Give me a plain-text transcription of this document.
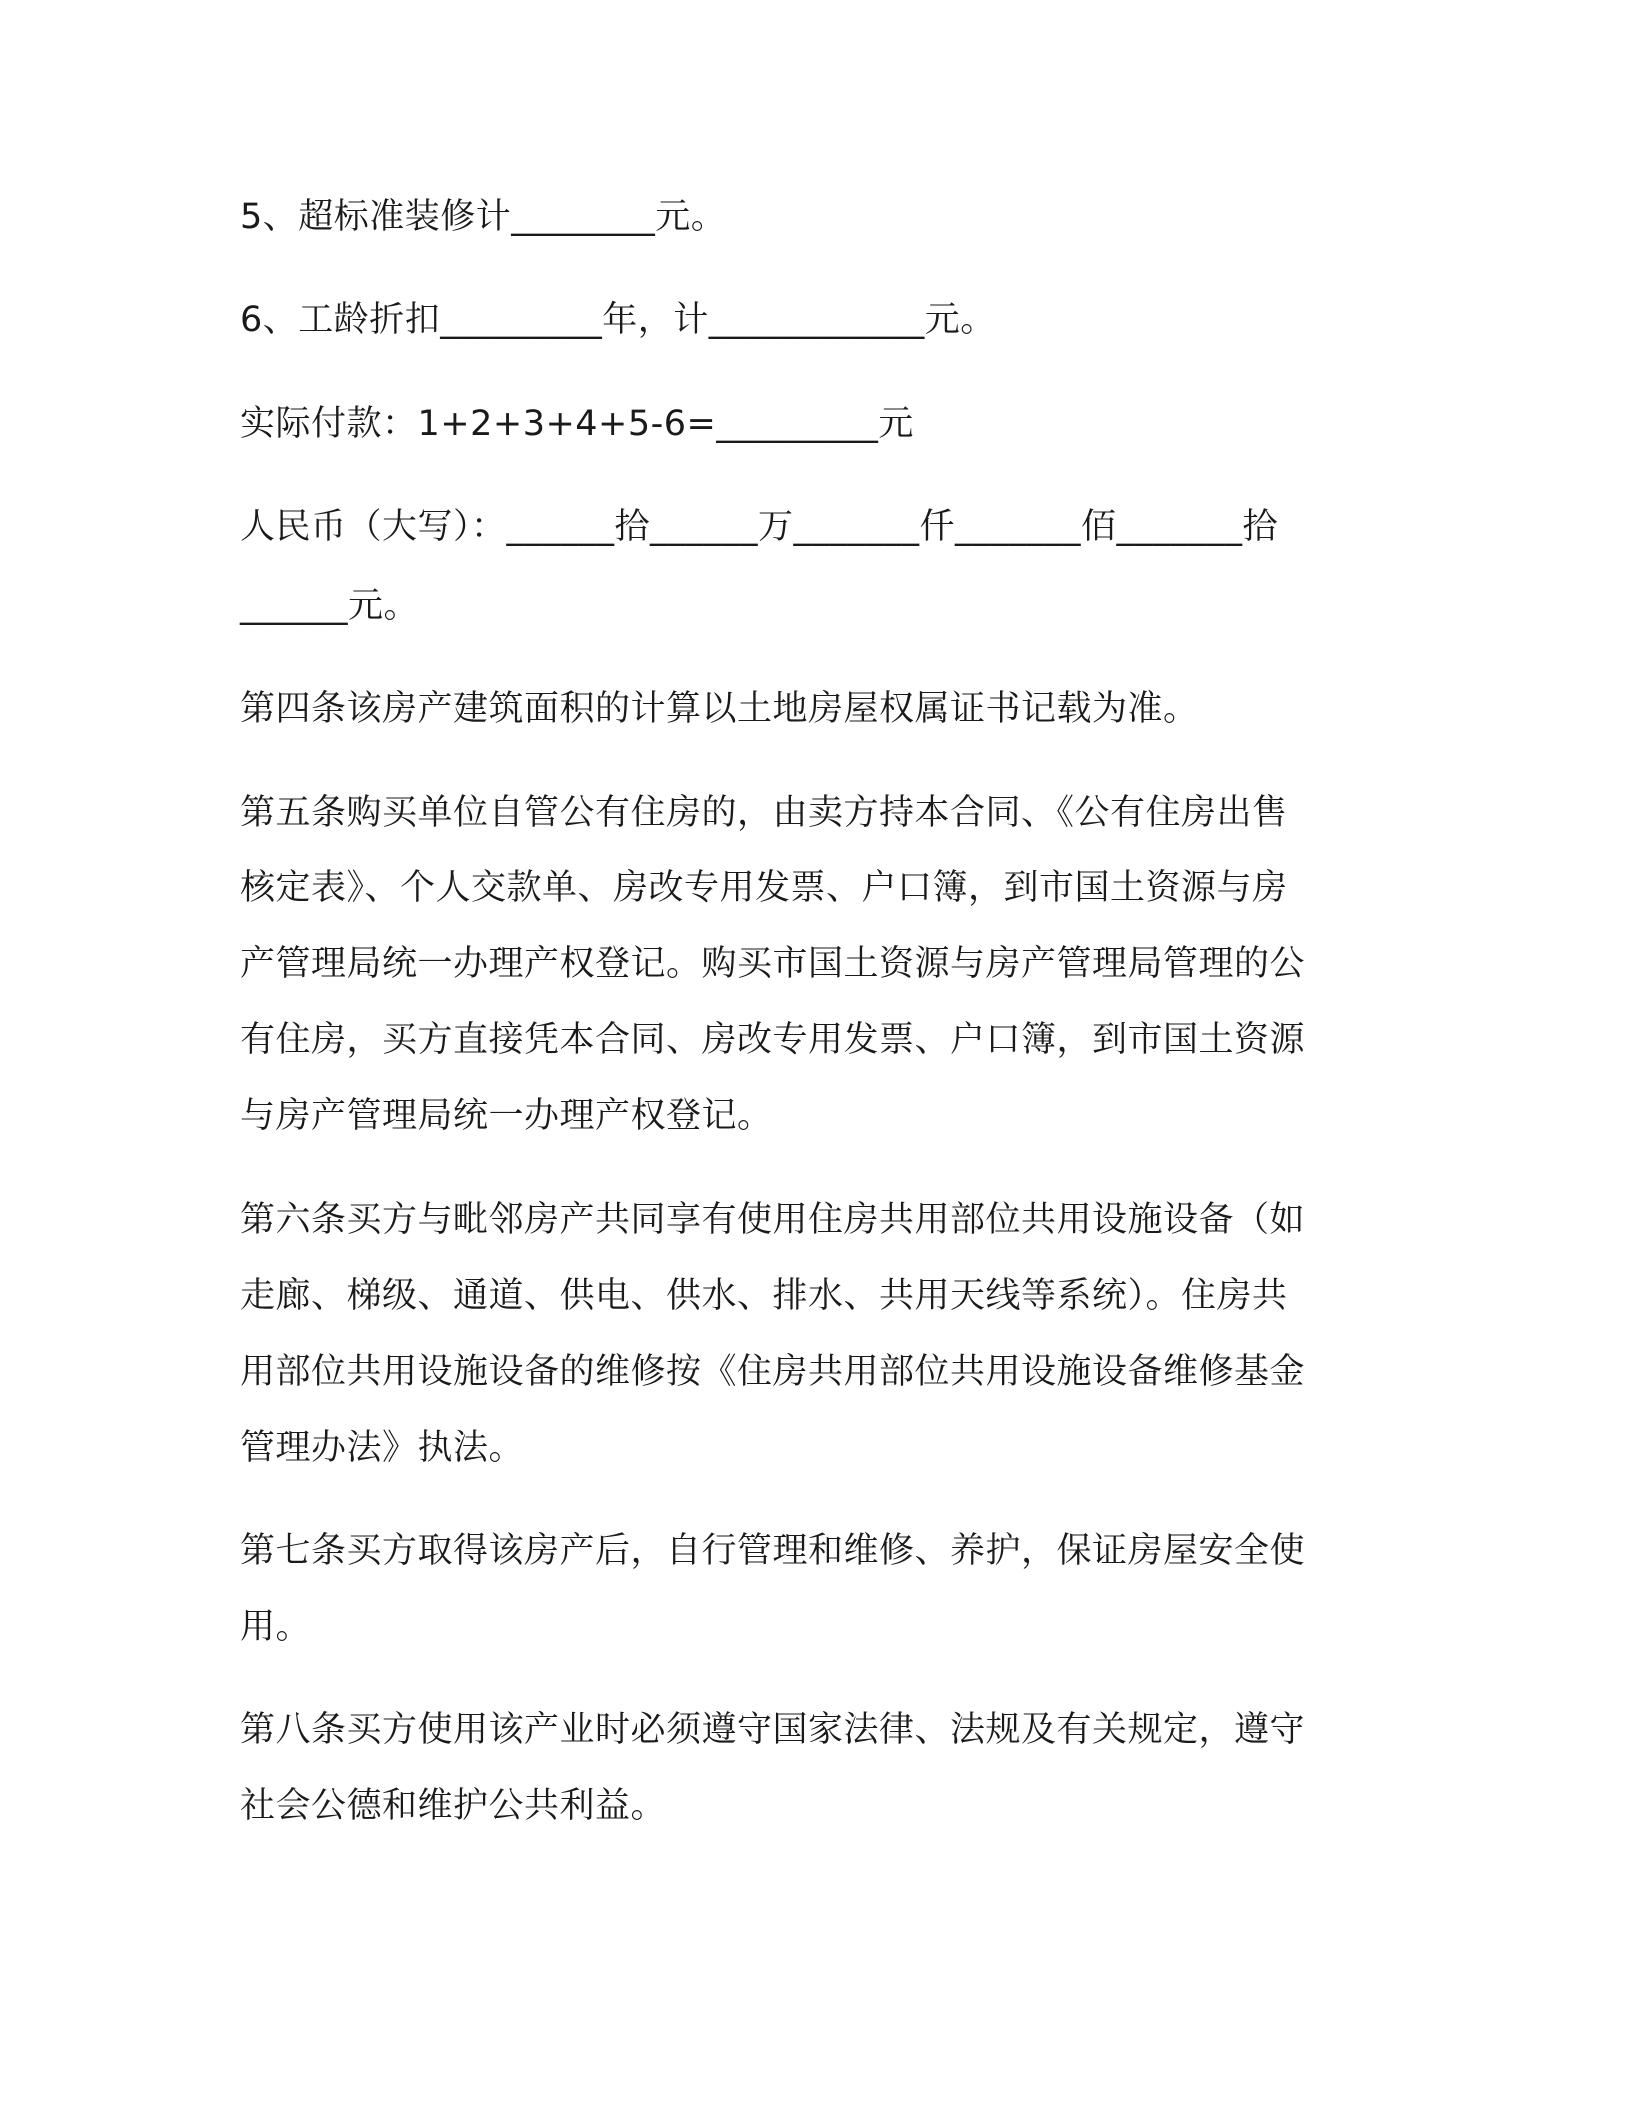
5、超标准装修计________元。
6、工龄折扣_________年，计____________元。
实际付款：1+2+3+4+5-6=_________元
人民币（大写）：______拾______万_______仟_______佰_______拾
______元。
第四条该房产建筑面积的计算以土地房屋权属证书记载为准。
第五条购买单位自管公有住房的，由卖方持本合同、《公有住房出售
核定表》、个人交款单、房改专用发票、户口簿，到市国土资源与房
产管理局统一办理产权登记。购买市国土资源与房产管理局管理的公
有住房，买方直接凭本合同、房改专用发票、户口簿，到市国土资源
与房产管理局统一办理产权登记。
第六条买方与毗邻房产共同享有使用住房共用部位共用设施设备（如
走廊、梯级、通道、供电、供水、排水、共用天线等系统）。住房共
用部位共用设施设备的维修按《住房共用部位共用设施设备维修基金
管理办法》执法。
第七条买方取得该房产后，自行管理和维修、养护，保证房屋安全使
用。
第八条买方使用该产业时必须遵守国家法律、法规及有关规定，遵守
社会公德和维护公共利益。
